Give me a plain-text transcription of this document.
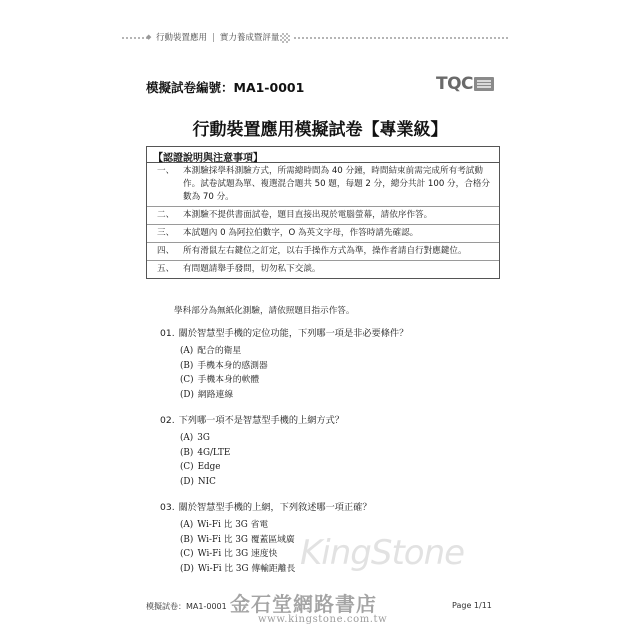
◆ 行動裝置應用 | 實力養成暨評量
模擬試卷編號：MA1-0001	TQC
行動裝置應用模擬試卷【專業級】
【認證說明與注意事項】
一、	本測驗採學科測驗方式，所需總時間為 40 分鐘，時間結束前需完成所有考試動作。試卷試題為單、複選混合題共 50 題，每題 2 分，總分共計 100 分，合格分數為 70 分。
二、	本測驗不提供書面試卷，題目直接出現於電腦螢幕，請依序作答。
三、	本試題內 0 為阿拉伯數字，O 為英文字母，作答時請先確認。
四、	所有滑鼠左右鍵位之訂定，以右手操作方式為準，操作者請自行對應鍵位。
五、	有問題請舉手發問，切勿私下交談。
學科部分為無紙化測驗，請依照題目指示作答。
01. 關於智慧型手機的定位功能，下列哪一項是非必要條件？
(A) 配合的衛星
(B) 手機本身的感測器
(C) 手機本身的軟體
(D) 網路連線
02. 下列哪一項不是智慧型手機的上網方式？
(A) 3G
(B) 4G/LTE
(C) Edge
(D) NIC
03. 關於智慧型手機的上網，下列敘述哪一項正確？
(A) Wi-Fi 比 3G 省電
(B) Wi-Fi 比 3G 覆蓋區域廣
(C) Wi-Fi 比 3G 速度快
(D) Wi-Fi 比 3G 傳輸距離長 KingStone
金石堂網路書店
www.kingstone.com.tw
模擬試卷：MA1-0001	Page 1/11
